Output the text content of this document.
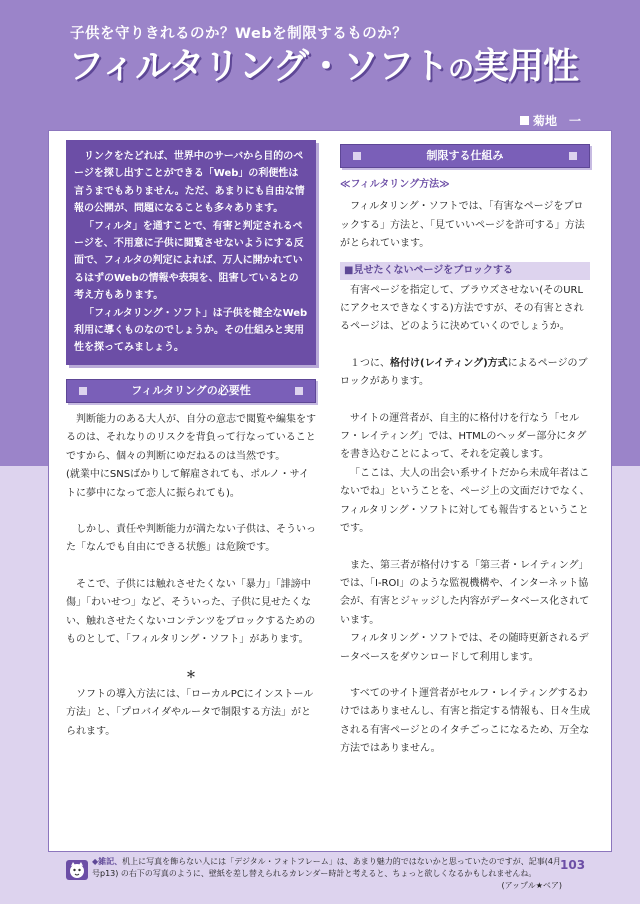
子供を守りきれるのか？Webを制限するものか？
フィルタリング・ソフトの実用性
菊地　一

リンクをたどれば、世界中のサーバから目的のページを探し出すことができる「Web」の利便性は言うまでもありません。ただ、あまりにも自由な情報の公開が、問題になることも多々あります。

「フィルタ」を通すことで、有害と判定されるページを、不用意に子供に閲覧させないようにする反面で、フィルタの判定によれば、万人に開かれているはずのWebの情報や表現を、阻害しているとの考え方もあります。

「フィルタリング・ソフト」は子供を健全なWeb利用に導くものなのでしょうか。その仕組みと実用性を探ってみましょう。

フィルタリングの必要性

判断能力のある大人が、自分の意志で閲覧や編集をするのは、それなりのリスクを背負って行なっていることですから、個々の判断にゆだねるのは当然です。

(就業中にSNSばかりして解雇されても、ポルノ・サイトに夢中になって恋人に振られても)。

しかし、責任や判断能力が満たない子供は、そういった「なんでも自由にできる状態」は危険です。

そこで、子供には触れさせたくない「暴力」「誹謗中傷」「わいせつ」など、そういった、子供に見せたくない、触れさせたくないコンテンツをブロックするためのものとして、「フィルタリング・ソフト」があります。

＊

ソフトの導入方法には、「ローカルPCにインストール方法」と、「プロバイダやルータで制限する方法」がとられます。

制限する仕組み
≪フィルタリング方法≫

フィルタリング・ソフトでは、「有害なページをブロックする」方法と、「見ていいページを許可する」方法がとられています。

■見せたくないページをブロックする

有害ページを指定して、ブラウズさせない(そのURLにアクセスできなくする)方法ですが、その有害とされるページは、どのように決めていくのでしょうか。

１つに、格付け(レイティング)方式によるページのブロックがあります。

サイトの運営者が、自主的に格付けを行なう「セルフ・レイティング」では、HTMLのヘッダー部分にタグを書き込むことによって、それを定義します。

「ここは、大人の出会い系サイトだから未成年者はこないでね」ということを、ページ上の文面だけでなく、フィルタリング・ソフトに対しても報告するということです。

また、第三者が格付けする「第三者・レイティング」では、「I-ROI」のような監視機構や、インターネット協会が、有害とジャッジした内容がデータベース化されています。

フィルタリング・ソフトでは、その随時更新されるデータベースをダウンロードして利用します。

すべてのサイト運営者がセルフ・レイティングするわけではありませんし、有害と指定する情報も、日々生成される有害ページとのイタチごっこになるため、万全な方法ではありません。

◆雑記、机上に写真を飾らない人には「デジタル・フォトフレーム」は、あまり魅力的ではないかと思っていたのですが、記事(4月号p13) の右下の写真のように、壁紙を差し替えられるカレンダー時計と考えると、ちょっと欲しくなるかもしれませんね。
(アップル★ベア)
103
